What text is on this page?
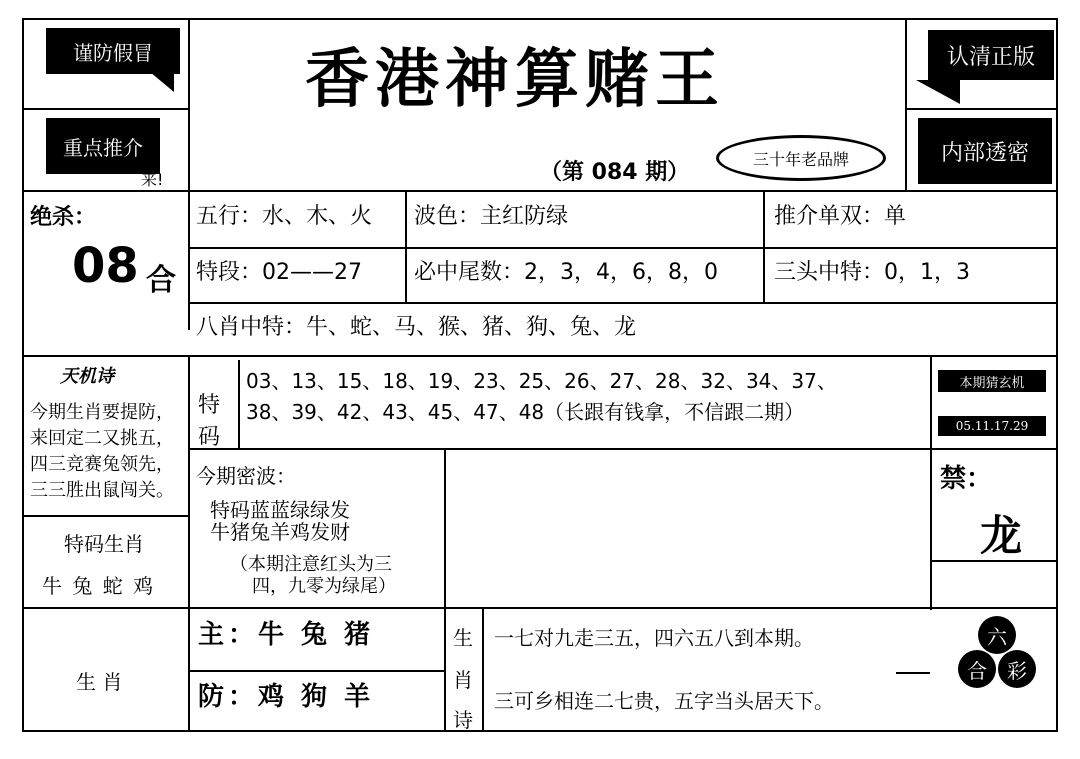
谨防假冒
重点推介
来!
香港神算赌王
（第 084 期）
三十年老品牌
认清正版
内部透密
绝杀：
08 合
五行：水、木、火 波色：主红防绿	推介单双：单
特段：02——27 必中尾数：2，3，4，6，8，0	三头中特：0，1，3
八肖中特：牛、蛇、马、猴、猪、狗、兔、龙
天机诗
今期生肖要提防，
来回定二又挑五，
四三竞赛兔领先，
三三胜出鼠闯关。
特
码
03、13、15、18、19、23、25、26、27、28、32、34、37、
38、39、42、43、45、47、48（长跟有钱拿，不信跟二期）
本期猜玄机
05.11.17.29
今期密波：
特码蓝蓝绿绿发
牛猪兔羊鸡发财
（本期注意红头为三
四，九零为绿尾）
禁：
龙
特码生肖
牛 兔 蛇 鸡
生 肖
主：牛 兔 猪
防：鸡 狗 羊
生
肖
诗
一七对九走三五，四六五八到本期。
三可乡相连二七贵，五字当头居天下。
六
合 彩
